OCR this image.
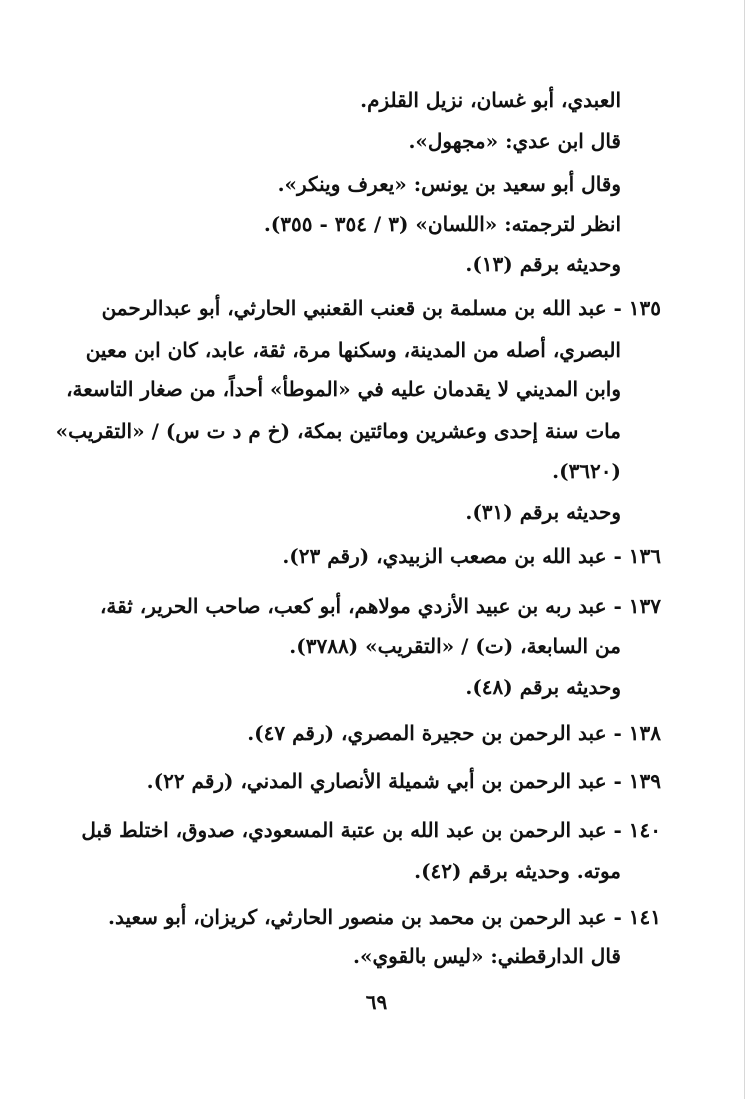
العبدي، أبو غسان، نزيل القلزم.
قال ابن عدي: «مجهول».
وقال أبو سعيد بن يونس: «يعرف وينكر».
انظر لترجمته: «اللسان» (٣ / ٣٥٤ - ٣٥٥).
وحديثه برقم (١٣).
١٣٥ - عبد الله بن مسلمة بن قعنب القعنبي الحارثي، أبو عبدالرحمن
البصري، أصله من المدينة، وسكنها مرة، ثقة، عابد، كان ابن معين
وابن المديني لا يقدمان عليه في «الموطأ» أحداً، من صغار التاسعة،
مات سنة إحدى وعشرين ومائتين بمكة، (خ م د ت س) / «التقريب»
(٣٦٢٠).
وحديثه برقم (٣١).
١٣٦ - عبد الله بن مصعب الزبيدي، (رقم ٢٣).
١٣٧ - عبد ربه بن عبيد الأزدي مولاهم، أبو كعب، صاحب الحرير، ثقة،
من السابعة، (ت) / «التقريب» (٣٧٨٨).
وحديثه برقم (٤٨).
١٣٨ - عبد الرحمن بن حجيرة المصري، (رقم ٤٧).
١٣٩ - عبد الرحمن بن أبي شميلة الأنصاري المدني، (رقم ٢٢).
١٤٠ - عبد الرحمن بن عبد الله بن عتبة المسعودي، صدوق، اختلط قبل
موته. وحديثه برقم (٤٢).
١٤١ - عبد الرحمن بن محمد بن منصور الحارثي، كريزان، أبو سعيد.
قال الدارقطني: «ليس بالقوي».
٦٩
